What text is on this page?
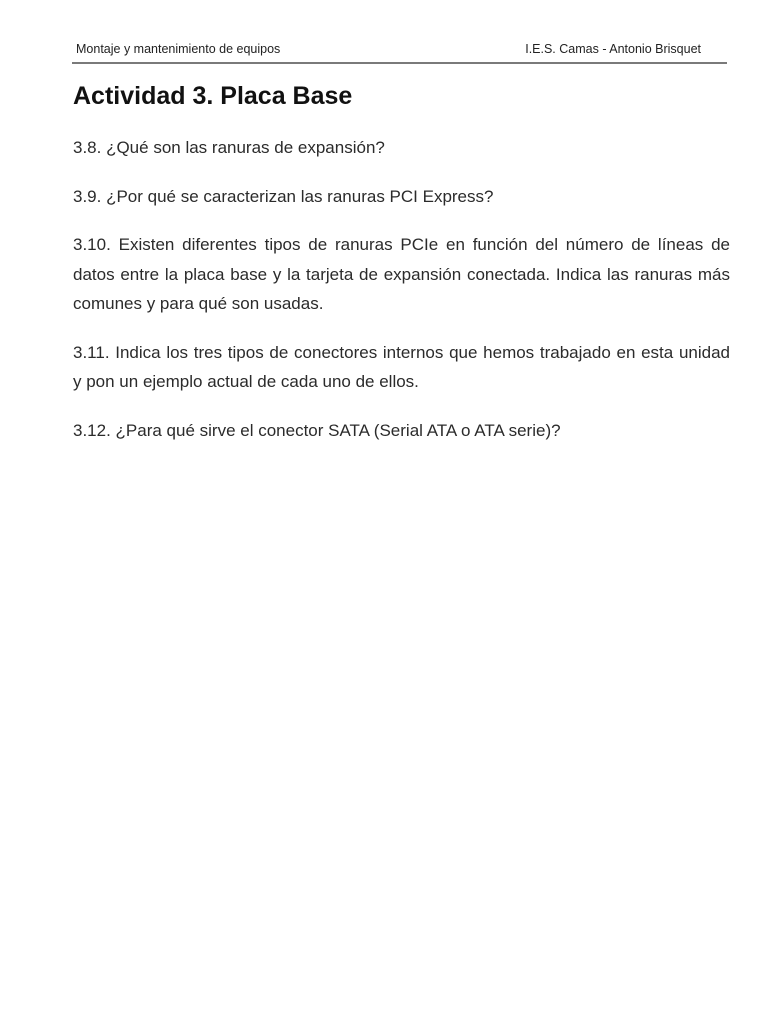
Montaje y mantenimiento de equipos	I.E.S. Camas - Antonio Brisquet
Actividad 3. Placa Base
3.8. ¿Qué son las ranuras de expansión?
3.9. ¿Por qué se caracterizan las ranuras PCI Express?
3.10. Existen diferentes tipos de ranuras PCIe en función del número de líneas de datos entre la placa base y la tarjeta de expansión conectada. Indica las ranuras más comunes y para qué son usadas.
3.11. Indica los tres tipos de conectores internos que hemos trabajado en esta unidad y pon un ejemplo actual de cada uno de ellos.
3.12. ¿Para qué sirve el conector SATA (Serial ATA o ATA serie)?
